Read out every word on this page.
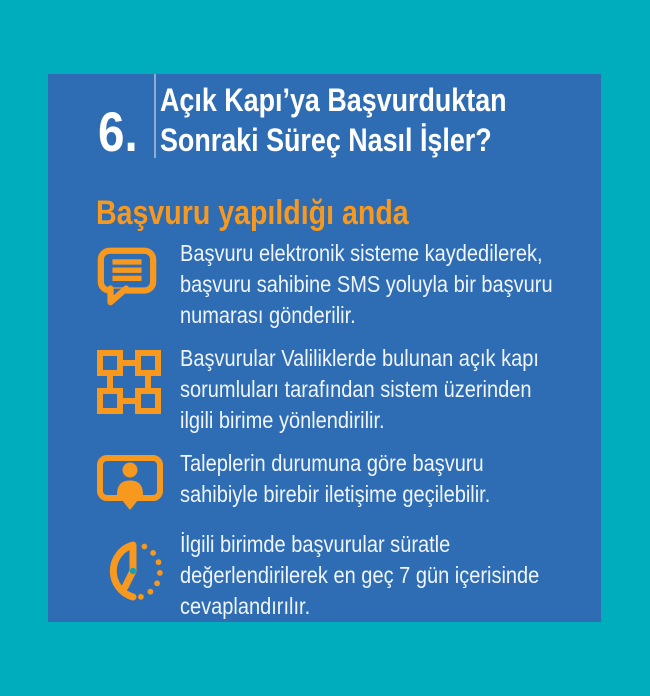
6. Açık Kapı’ya Başvurduktan
Sonraki Süreç Nasıl İşler?
Başvuru yapıldığı anda
Başvuru elektronik sisteme kaydedilerek,
başvuru sahibine SMS yoluyla bir başvuru
numarası gönderilir.
Başvurular Valiliklerde bulunan açık kapı
sorumluları tarafından sistem üzerinden
ilgili birime yönlendirilir.
Taleplerin durumuna göre başvuru
sahibiyle birebir iletişime geçilebilir.
İlgili birimde başvurular süratle
değerlendirilerek en geç 7 gün içerisinde
cevaplandırılır.
